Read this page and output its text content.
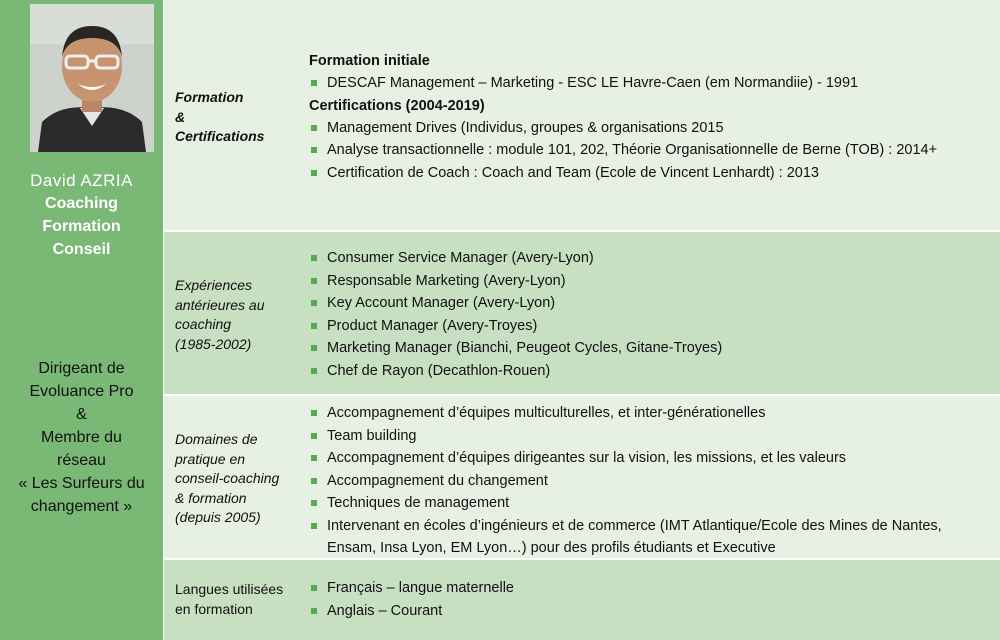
David AZRIA
Coaching
Formation
Conseil
Dirigeant de
Evoluance Pro
&
Membre du
réseau
« Les Surfeurs du
changement »
Formation
&
Certifications
Formation initiale
DESCAF Management – Marketing - ESC LE Havre-Caen (em Normandiie) - 1991
Certifications (2004-2019)
Management Drives (Individus, groupes & organisations 2015
Analyse transactionnelle : module 101, 202, Théorie Organisationnelle de Berne (TOB) : 2014+
Certification de Coach : Coach and Team (Ecole de Vincent Lenhardt) : 2013
Expériences
antérieures au
coaching
(1985-2002)
Consumer Service Manager (Avery-Lyon)
Responsable Marketing (Avery-Lyon)
Key Account Manager (Avery-Lyon)
Product Manager (Avery-Troyes)
Marketing Manager (Bianchi, Peugeot Cycles, Gitane-Troyes)
Chef de Rayon (Decathlon-Rouen)
Domaines de
pratique en
conseil-coaching
& formation
(depuis 2005)
Accompagnement d’équipes multiculturelles, et inter-générationelles
Team building
Accompagnement d’équipes dirigeantes sur la vision, les missions, et les valeurs
Accompagnement du changement
Techniques de management
Intervenant en écoles d’ingénieurs et de commerce (IMT Atlantique/Ecole des Mines de Nantes, Ensam, Insa Lyon, EM Lyon…) pour des profils étudiants et Executive
Langues utilisées
en formation
Français – langue maternelle
Anglais – Courant
